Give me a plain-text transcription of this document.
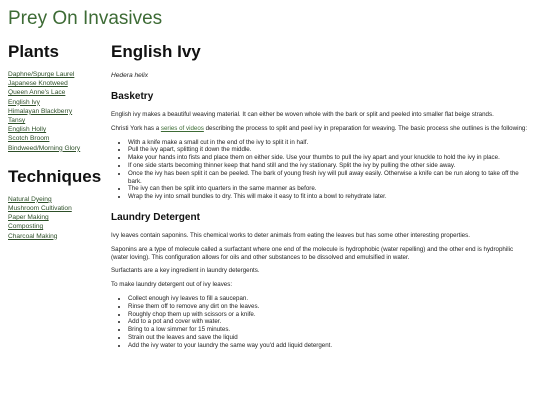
Prey On Invasives
Plants
Daphne/Spurge Laurel
Japanese Knotweed
Queen Anne's Lace
English Ivy
Himalayan Blackberry
Tansy
English Holly
Scotch Broom
Bindweed/Morning Glory
Techniques
Natural Dyeing
Mushroom Cultivation
Paper Making
Composting
Charcoal Making
English Ivy

Hedera helix

Basketry

English ivy makes a beautiful weaving material. It can either be woven whole with the bark or split and peeled into smaller flat beige strands.

Christi York has a series of videos describing the process to split and peel ivy in preparation for weaving. The basic process she outlines is the following:

• With a knife make a small cut in the end of the ivy to split it in half.
• Pull the ivy apart, splitting it down the middle.
• Make your hands into fists and place them on either side. Use your thumbs to pull the ivy apart and your knuckle to hold the ivy in place.
• If one side starts becoming thinner keep that hand still and the ivy stationary. Split the ivy by pulling the other side away.
• Once the ivy has been split it can be peeled. The bark of young fresh ivy will pull away easily. Otherwise a knife can be run along to take off the bark.
• The ivy can then be split into quarters in the same manner as before.
• Wrap the ivy into small bundles to dry. This will make it easy to fit into a bowl to rehydrate later.
Laundry Detergent

Ivy leaves contain saponins. This chemical works to deter animals from eating the leaves but has some other interesting properties.

Saponins are a type of molecule called a surfactant where one end of the molecule is hydrophobic (water repelling) and the other end is hydrophilic (water loving). This configuration allows for oils and other substances to be dissolved and emulsified in water.

Surfactants are a key ingredient in laundry detergents.

To make laundry detergent out of ivy leaves:

• Collect enough ivy leaves to fill a saucepan.
• Rinse them off to remove any dirt on the leaves.
• Roughly chop them up with scissors or a knife.
• Add to a pot and cover with water.
• Bring to a low simmer for 15 minutes.
• Strain out the leaves and save the liquid
• Add the ivy water to your laundry the same way you'd add liquid detergent.
